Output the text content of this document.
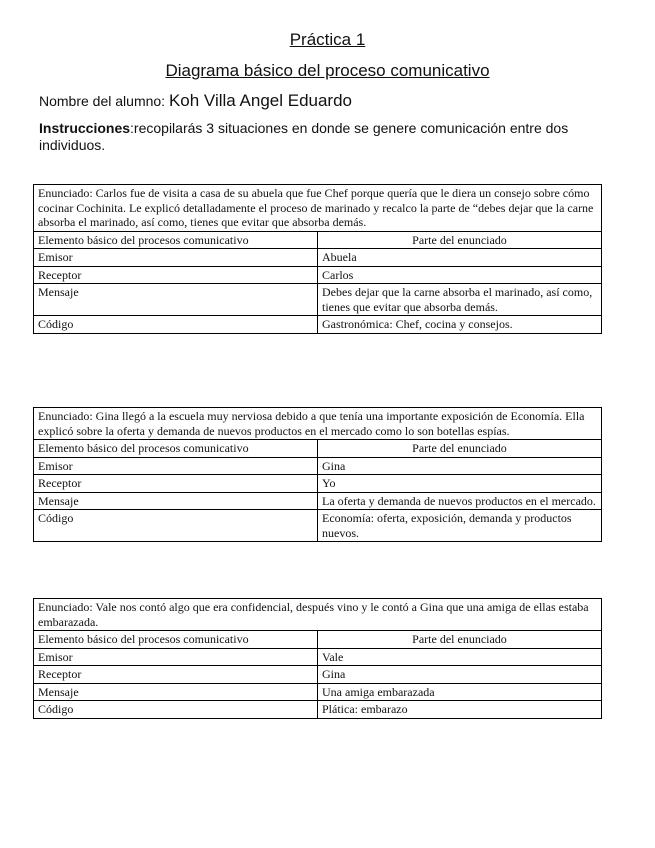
Práctica 1
Diagrama básico del proceso comunicativo
Nombre del alumno: Koh Villa Angel Eduardo
Instrucciones:recopilarás 3 situaciones en donde se genere comunicación entre dos individuos.
Enunciado: Carlos fue de visita a casa de su abuela que fue Chef porque quería que le diera un consejo sobre cómo cocinar Cochinita. Le explicó detalladamente el proceso de marinado y recalco la parte de “debes dejar que la carne absorba el marinado, así como, tienes que evitar que absorba demás.	
Elemento básico del procesos comunicativo	Parte del enunciado
Emisor	Abuela
Receptor	Carlos
Mensaje	Debes dejar que la carne absorba el marinado, así como, tienes que evitar que absorba demás.
Código	Gastronómica: Chef, cocina y consejos.
Enunciado: Gina llegó a la escuela muy nerviosa debido a que tenía una importante exposición de Economía. Ella explicó sobre la oferta y demanda de nuevos productos en el mercado como lo son botellas espías.	
Elemento básico del procesos comunicativo	Parte del enunciado
Emisor	Gina
Receptor	Yo
Mensaje	La oferta y demanda de nuevos productos en el mercado.
Código	Economía: oferta, exposición, demanda y productos nuevos.
Enunciado: Vale nos contó algo que era confidencial, después vino y le contó a Gina que una amiga de ellas estaba embarazada.	
Elemento básico del procesos comunicativo	Parte del enunciado
Emisor	Vale
Receptor	Gina
Mensaje	Una amiga embarazada
Código	Plática: embarazo
